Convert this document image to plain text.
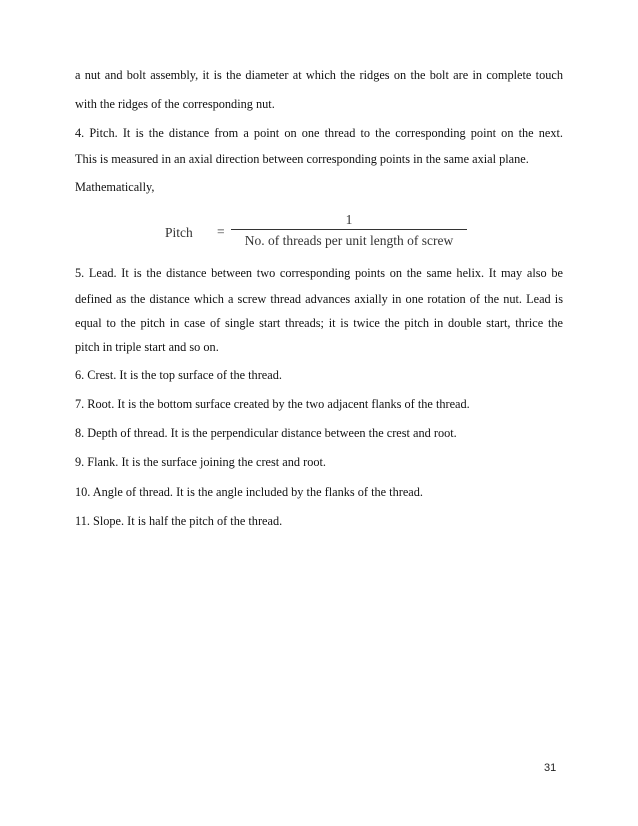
a nut and bolt assembly, it is the diameter at which the ridges on the bolt are in complete touch

with the ridges of the corresponding nut.

4. Pitch. It is the distance from a point on one thread to the corresponding point on the next.

This is measured in an axial direction between corresponding points in the same axial plane.

Mathematically,

Pitch =
1
No. of threads per unit length of screw

5. Lead. It is the distance between two corresponding points on the same helix. It may also be

defined as the distance which a screw thread advances axially in one rotation of the nut. Lead is

equal to the pitch in case of single start threads; it is twice the pitch in double start, thrice the

pitch in triple start and so on.

6. Crest. It is the top surface of the thread.

7. Root. It is the bottom surface created by the two adjacent flanks of the thread.

8. Depth of thread. It is the perpendicular distance between the crest and root.

9. Flank. It is the surface joining the crest and root.

10. Angle of thread. It is the angle included by the flanks of the thread.

11. Slope. It is half the pitch of the thread.

31
